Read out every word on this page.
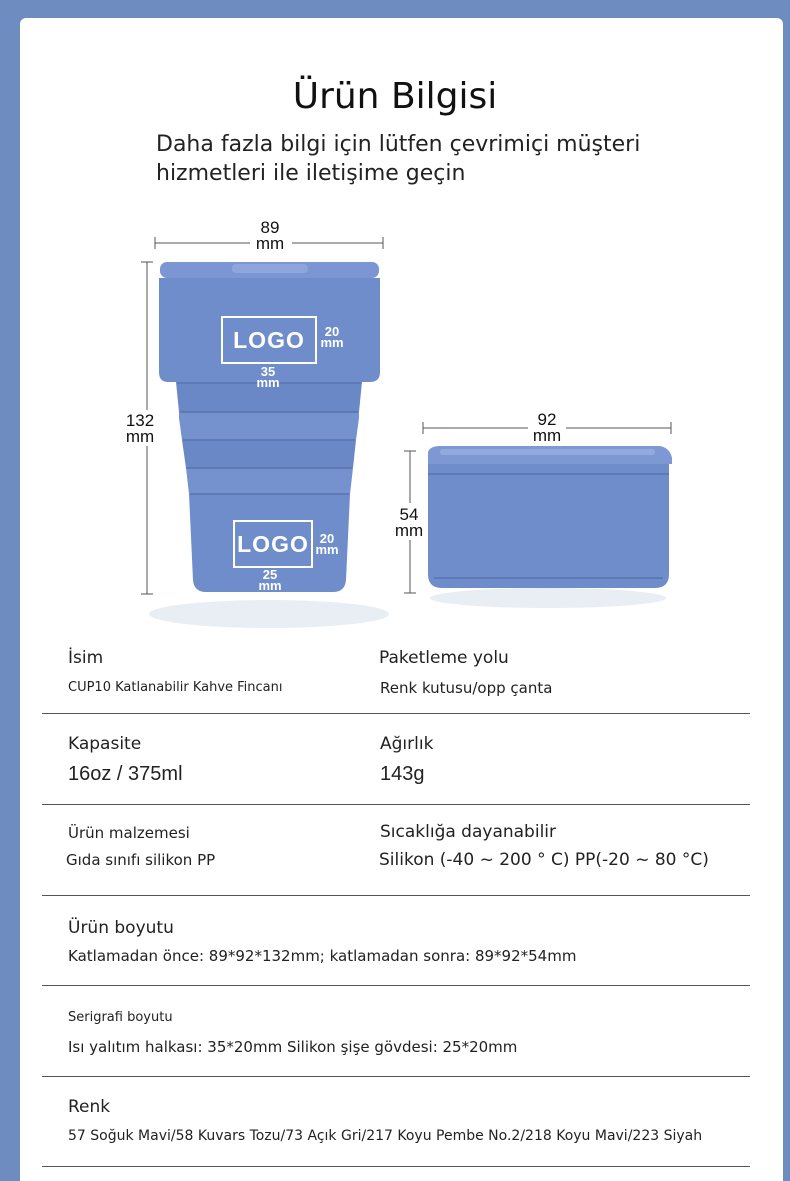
Ürün Bilgisi
Daha fazla bilgi için lütfen çevrimiçi müşteri
hizmetleri ile iletişime geçin
89
mm
132
mm
LOGO	20
mm
35
mm
LOGO 20
mm
25
mm
92
mm
54
mm
İsim
CUP10 Katlanabilir Kahve Fincanı
Paketleme yolu
Renk kutusu/opp çanta
Kapasite
16oz / 375ml
Ağırlık
143g
Ürün malzemesi
Gıda sınıfı silikon PP
Sıcaklığa dayanabilir
Silikon (-40 ~ 200 ° C) PP(-20 ~ 80 °C)
Ürün boyutu
Katlamadan önce: 89*92*132mm; katlamadan sonra: 89*92*54mm
Serigrafi boyutu
Isı yalıtım halkası: 35*20mm Silikon şişe gövdesi: 25*20mm
Renk
57 Soğuk Mavi/58 Kuvars Tozu/73 Açık Gri/217 Koyu Pembe No.2/218 Koyu Mavi/223 Siyah
